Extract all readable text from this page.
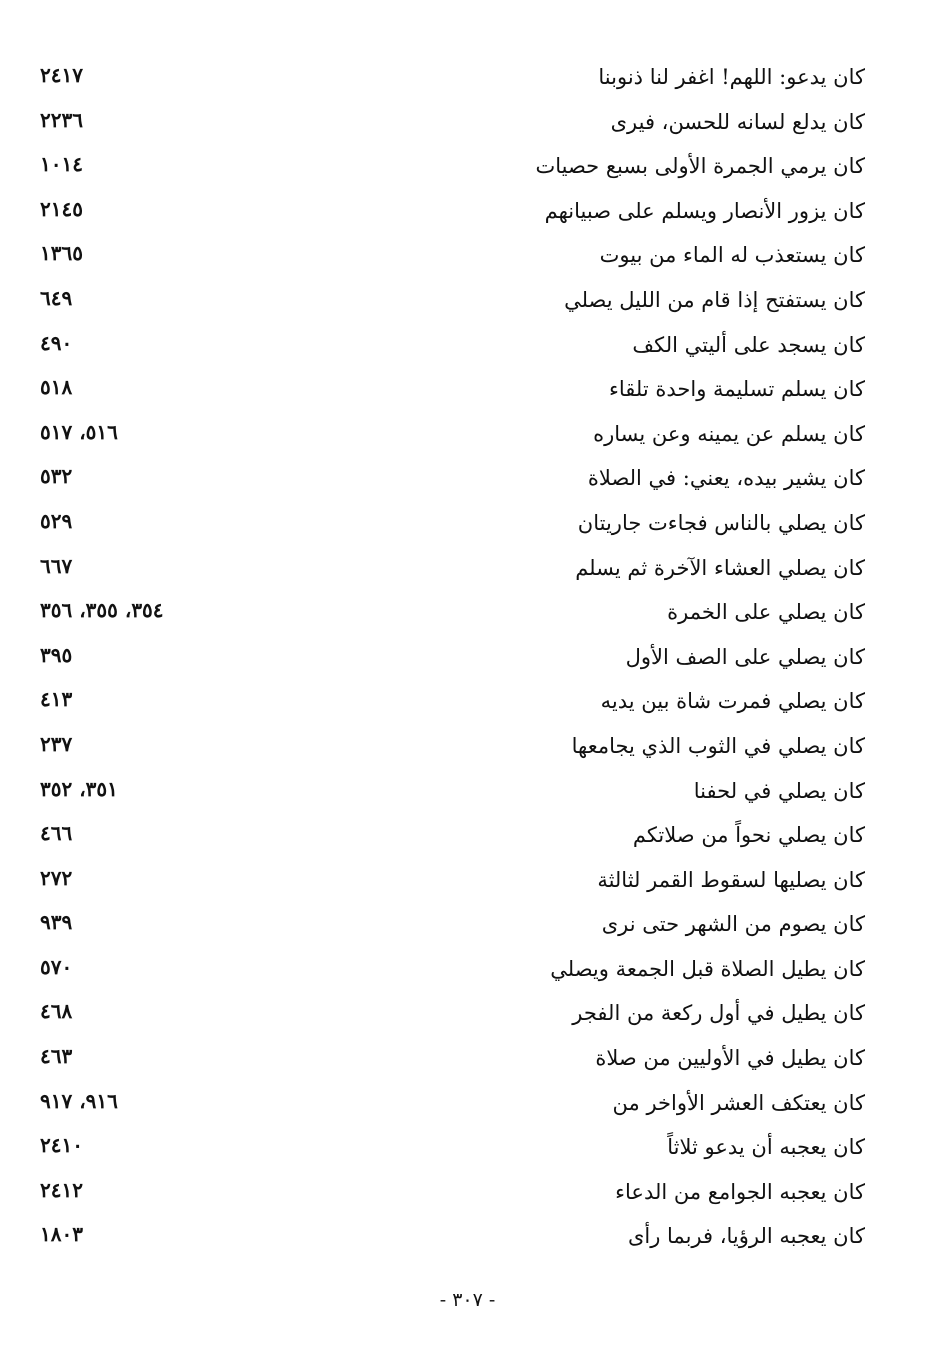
كان يدعو: اللهم! اغفر لنا ذنوبنا
٢٤١٧
كان يدلع لسانه للحسن، فيرى
٢٢٣٦
كان يرمي الجمرة الأولى بسبع حصيات
١٠١٤
كان يزور الأنصار ويسلم على صبيانهم
٢١٤٥
كان يستعذب له الماء من بيوت
١٣٦٥
كان يستفتح إذا قام من الليل يصلي
٦٤٩
كان يسجد على أليتي الكف
٤٩٠
كان يسلم تسليمة واحدة تلقاء
٥١٨
كان يسلم عن يمينه وعن يساره
٥١٦، ٥١٧
كان يشير بيده، يعني: في الصلاة
٥٣٢
كان يصلي بالناس فجاءت جاريتان
٥٢٩
كان يصلي العشاء الآخرة ثم يسلم
٦٦٧
كان يصلي على الخمرة
٣٥٤، ٣٥٥، ٣٥٦
كان يصلي على الصف الأول
٣٩٥
كان يصلي فمرت شاة بين يديه
٤١٣
كان يصلي في الثوب الذي يجامعها
٢٣٧
كان يصلي في لحفنا
٣٥١، ٣٥٢
كان يصلي نحواً من صلاتكم
٤٦٦
كان يصليها لسقوط القمر لثالثة
٢٧٢
كان يصوم من الشهر حتى نرى
٩٣٩
كان يطيل الصلاة قبل الجمعة ويصلي
٥٧٠
كان يطيل في أول ركعة من الفجر
٤٦٨
كان يطيل في الأوليين من صلاة
٤٦٣
كان يعتكف العشر الأواخر من
٩١٦، ٩١٧
كان يعجبه أن يدعو ثلاثاً
٢٤١٠
كان يعجبه الجوامع من الدعاء
٢٤١٢
كان يعجبه الرؤيا، فربما رأى
١٨٠٣
- ٣٠٧ -
